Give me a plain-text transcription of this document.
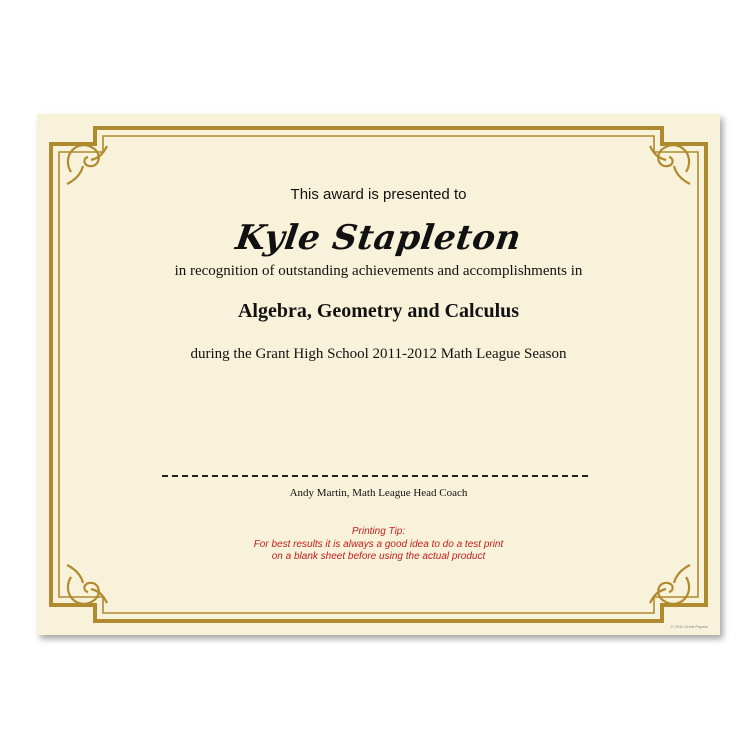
This award is presented to
Kyle Stapleton
in recognition of outstanding achievements and accomplishments in
Algebra, Geometry and Calculus
during the Grant High School 2011-2012 Math League Season
Andy Martin, Math League Head Coach
Printing Tip:
For best results it is always a good idea to do a test print
on a blank sheet before using the actual product
© 2011 Great Papers
